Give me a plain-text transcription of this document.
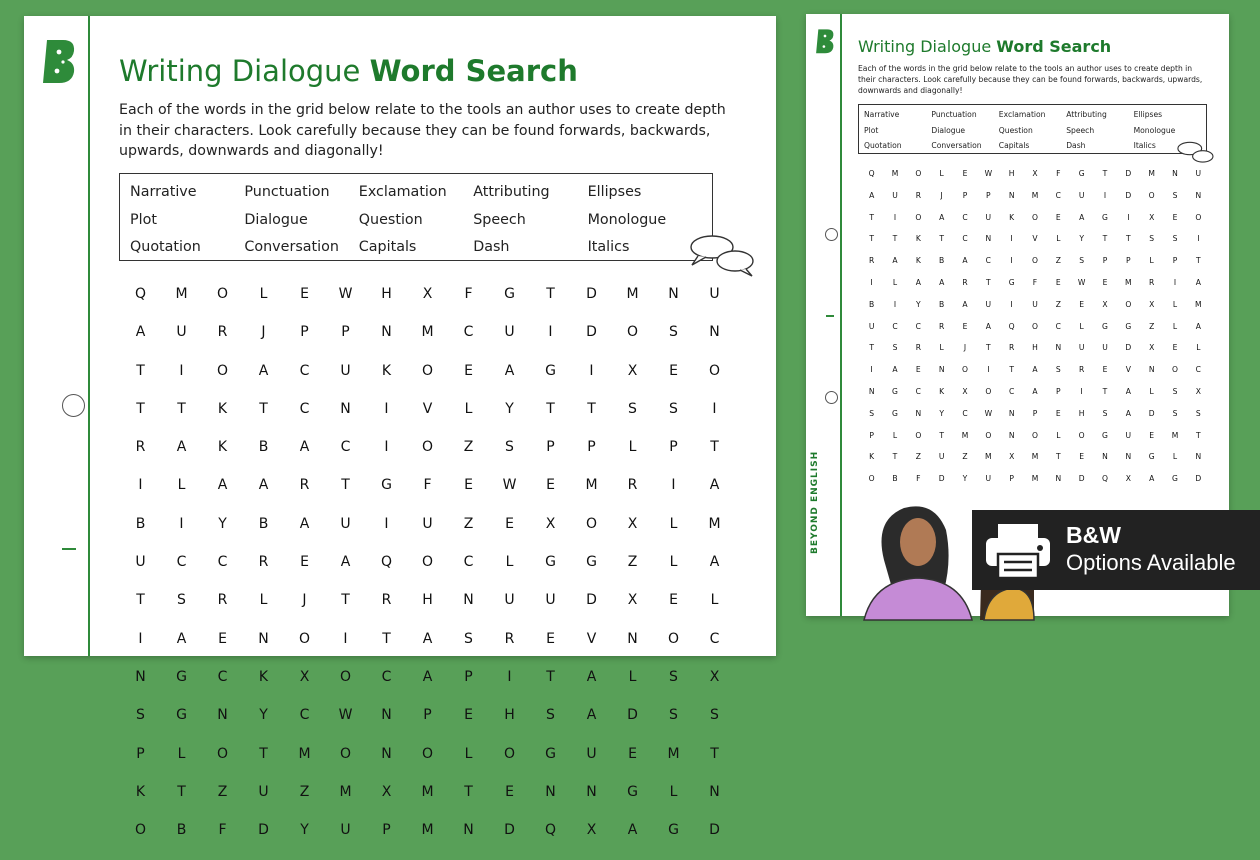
Writing Dialogue Word Search
Each of the words in the grid below relate to the tools an author uses to create depth in their characters. Look carefully because they can be found forwards, backwards, upwards, downwards and diagonally!
Narrative	Punctuation	Exclamation	Attributing	Ellipses
Plot	Dialogue	Question	Speech	Monologue
Quotation	Conversation	Capitals	Dash	Italics
Q	M	O	L	E	W	H	X	F	G	T	D	M	N	U
A	U	R	J	P	P	N	M	C	U	I	D	O	S	N
T	I	O	A	C	U	K	O	E	A	G	I	X	E	O
T	T	K	T	C	N	I	V	L	Y	T	T	S	S	I
R	A	K	B	A	C	I	O	Z	S	P	P	L	P	T
I	L	A	A	R	T	G	F	E	W	E	M	R	I	A
B	I	Y	B	A	U	I	U	Z	E	X	O	X	L	M
U	C	C	R	E	A	Q	O	C	L	G	G	Z	L	A
T	S	R	L	J	T	R	H	N	U	U	D	X	E	L
I	A	E	N	O	I	T	A	S	R	E	V	N	O	C
N	G	C	K	X	O	C	A	P	I	T	A	L	S	X
S	G	N	Y	C	W	N	P	E	H	S	A	D	S	S
P	L	O	T	M	O	N	O	L	O	G	U	E	M	T
K	T	Z	U	Z	M	X	M	T	E	N	N	G	L	N
O	B	F	D	Y	U	P	M	N	D	Q	X	A	G	D
Writing Dialogue Word Search
Each of the words in the grid below relate to the tools an author uses to create depth in their characters. Look carefully because they can be found forwards, backwards, upwards, downwards and diagonally!
Narrative	Punctuation	Exclamation	Attributing	Ellipses
Plot	Dialogue	Question	Speech	Monologue
Quotation	Conversation	Capitals	Dash	Italics
Q	M	O	L	E	W	H	X	F	G	T	D	M	N	U
A	U	R	J	P	P	N	M	C	U	I	D	O	S	N
T	I	O	A	C	U	K	O	E	A	G	I	X	E	O
T	T	K	T	C	N	I	V	L	Y	T	T	S	S	I
R	A	K	B	A	C	I	O	Z	S	P	P	L	P	T
I	L	A	A	R	T	G	F	E	W	E	M	R	I	A
B	I	Y	B	A	U	I	U	Z	E	X	O	X	L	M
U	C	C	R	E	A	Q	O	C	L	G	G	Z	L	A
T	S	R	L	J	T	R	H	N	U	U	D	X	E	L
I	A	E	N	O	I	T	A	S	R	E	V	N	O	C
N	G	C	K	X	O	C	A	P	I	T	A	L	S	X
S	G	N	Y	C	W	N	P	E	H	S	A	D	S	S
P	L	O	T	M	O	N	O	L	O	G	U	E	M	T
K	T	Z	U	Z	M	X	M	T	E	N	N	G	L	N
O	B	F	D	Y	U	P	M	N	D	Q	X	A	G	D
BEYOND ENGLISH	B&W
Options Available
